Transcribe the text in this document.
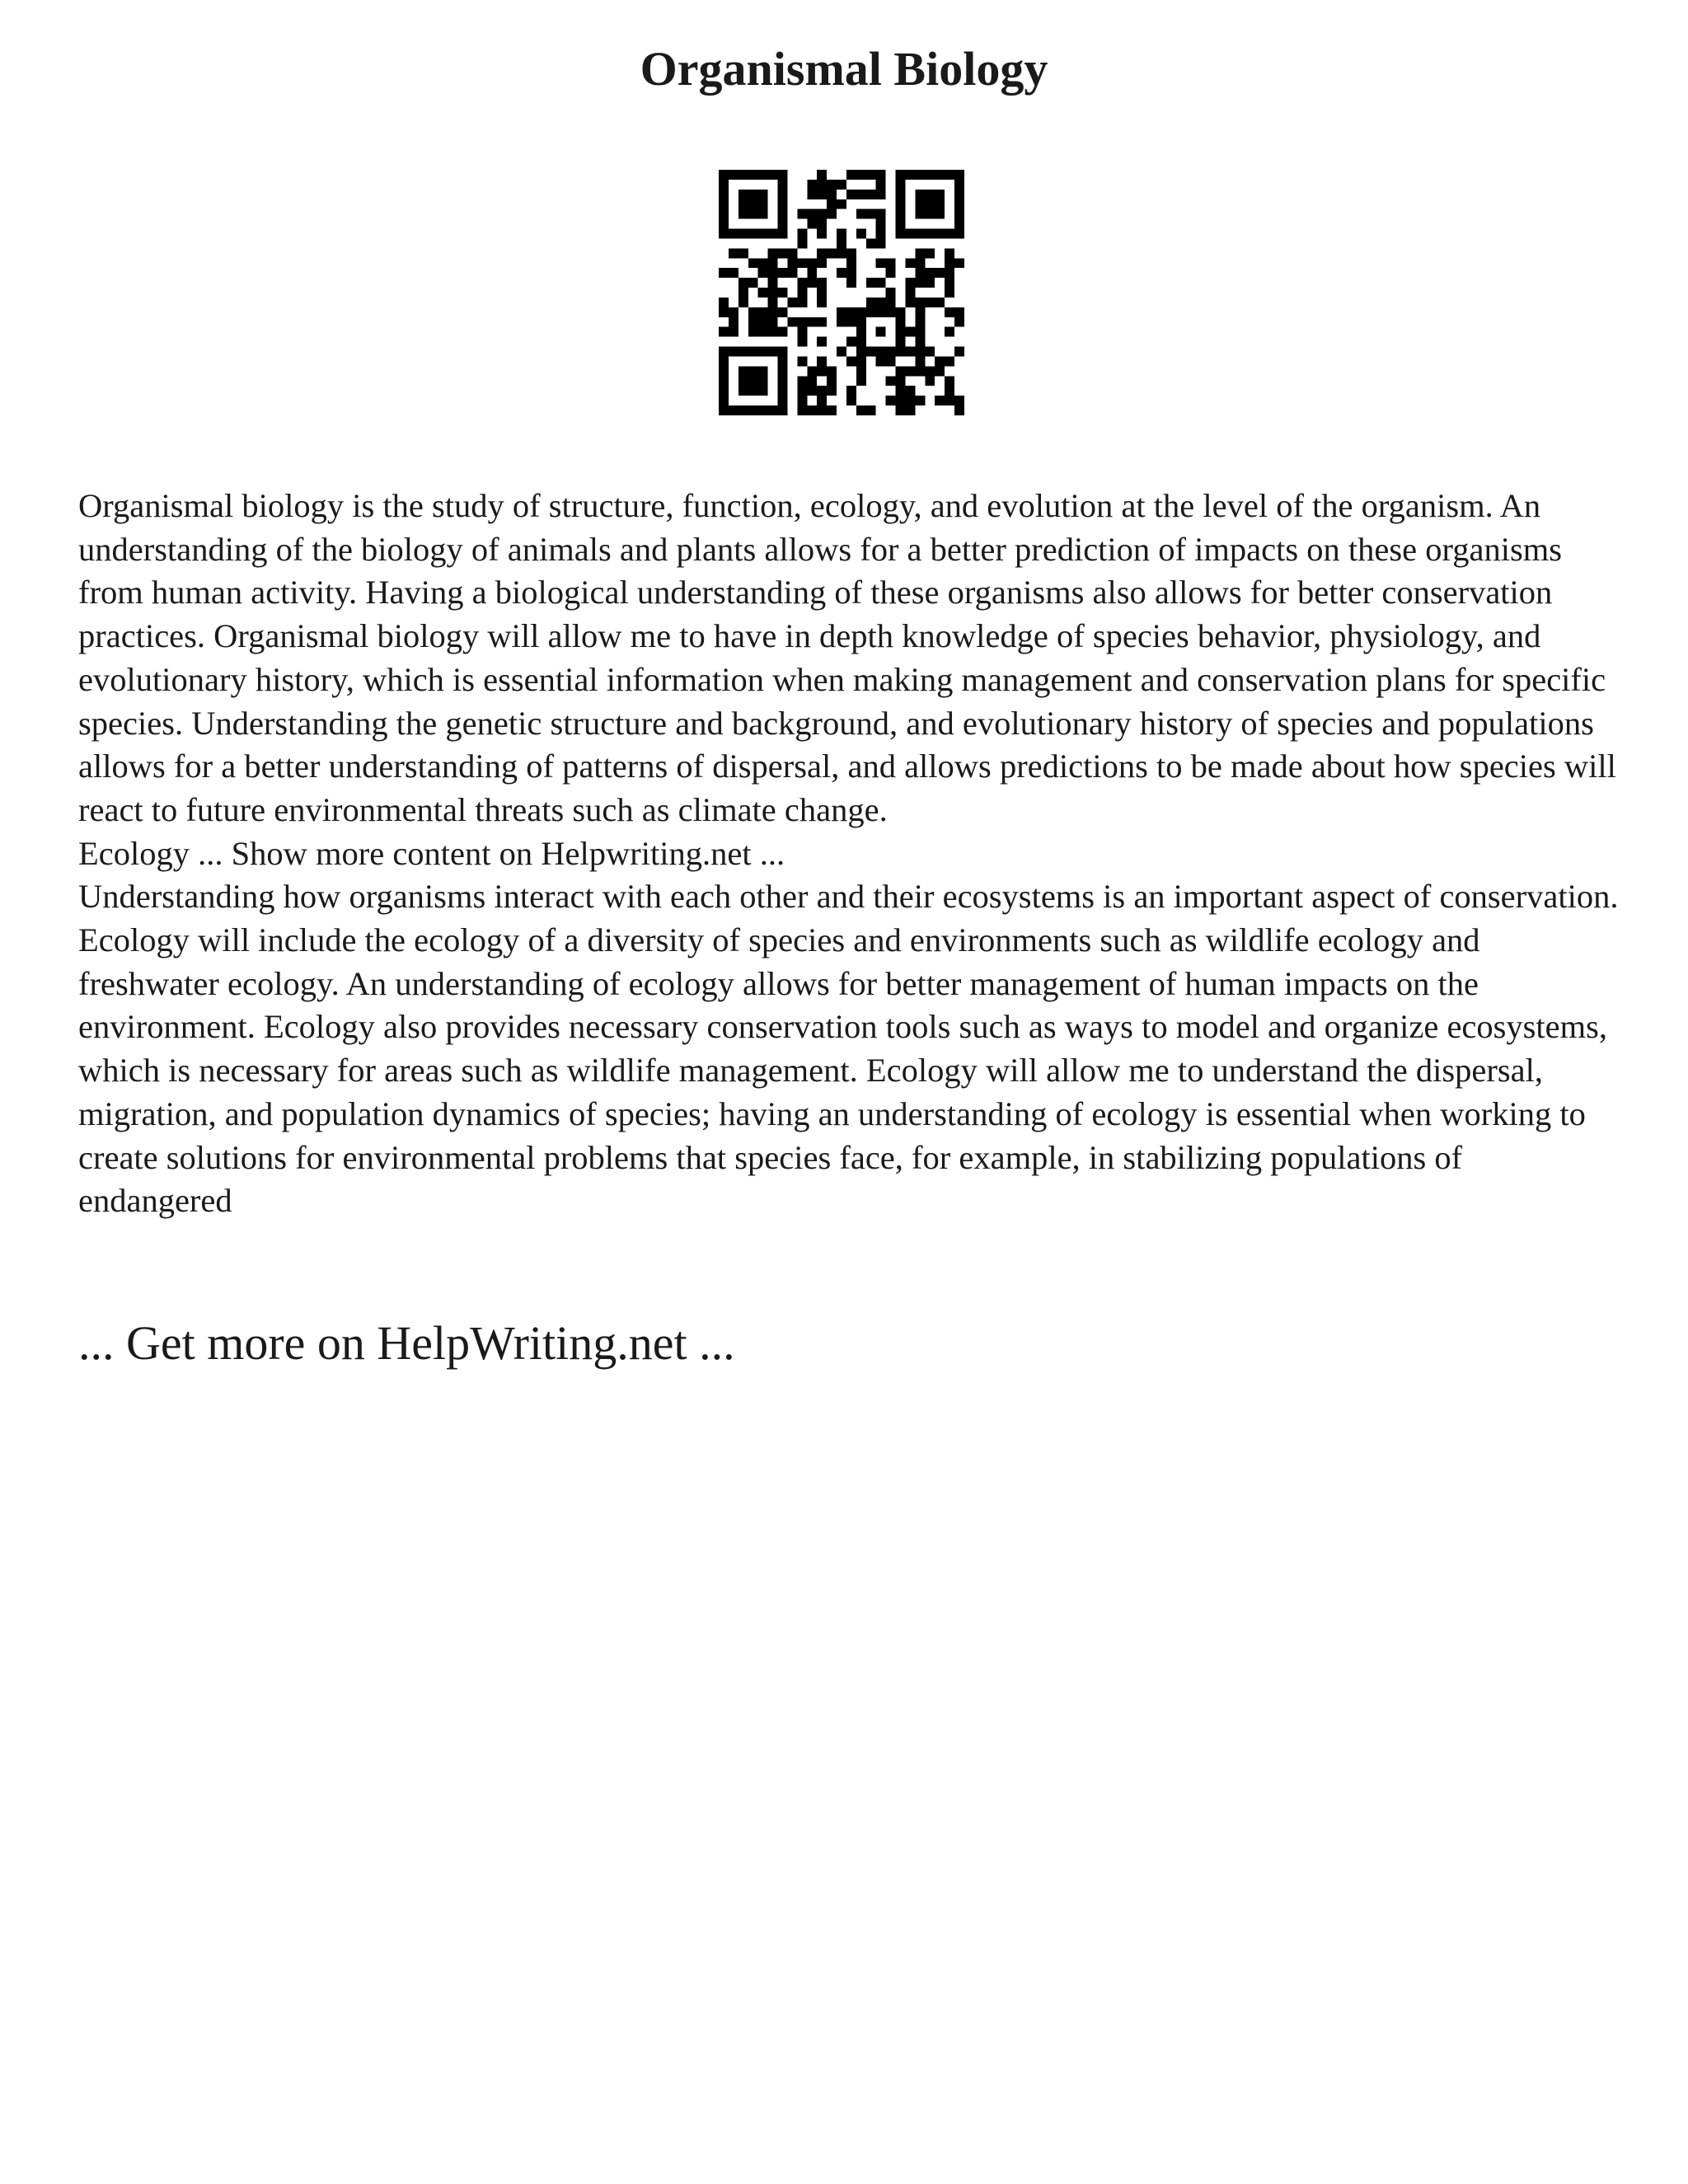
Organismal Biology

Organismal biology is the study of structure, function, ecology, and evolution at the level of the organism. An understanding of the biology of animals and plants allows for a better prediction of impacts on these organisms from human activity. Having a biological understanding of these organisms also allows for better conservation practices. Organismal biology will allow me to have in depth knowledge of species behavior, physiology, and evolutionary history, which is essential information when making management and conservation plans for specific species. Understanding the genetic structure and background, and evolutionary history of species and populations allows for a better understanding of patterns of dispersal, and allows predictions to be made about how species will react to future environmental threats such as climate change.

Ecology ... Show more content on Helpwriting.net ...

Understanding how organisms interact with each other and their ecosystems is an important aspect of conservation. Ecology will include the ecology of a diversity of species and environments such as wildlife ecology and freshwater ecology. An understanding of ecology allows for better management of human impacts on the environment. Ecology also provides necessary conservation tools such as ways to model and organize ecosystems, which is necessary for areas such as wildlife management. Ecology will allow me to understand the dispersal, migration, and population dynamics of species; having an understanding of ecology is essential when working to create solutions for environmental problems that species face, for example, in stabilizing populations of endangered

... Get more on HelpWriting.net ...
